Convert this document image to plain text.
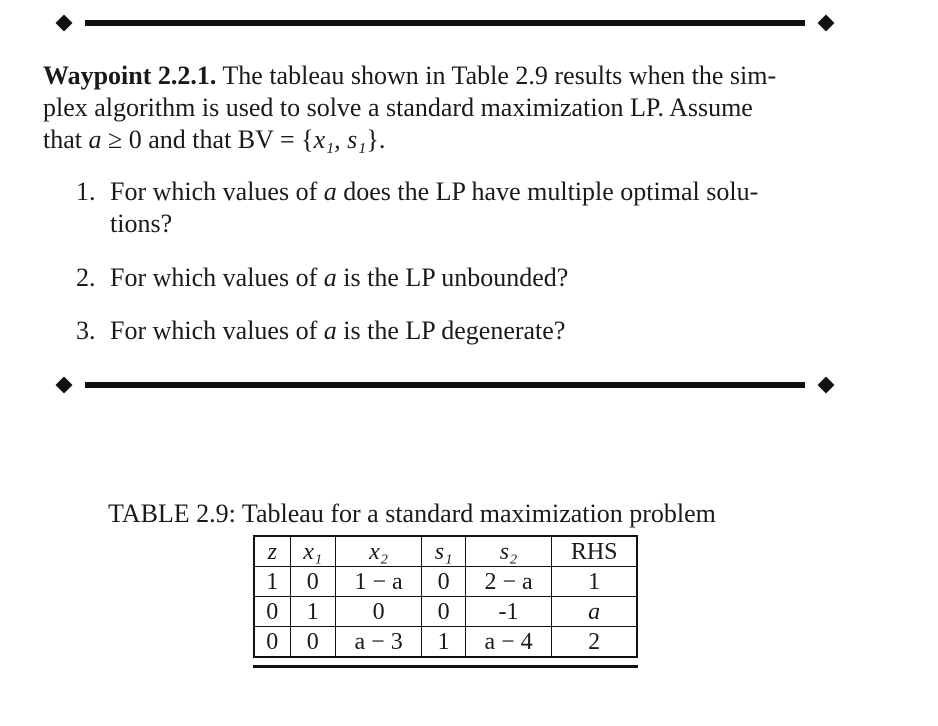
Waypoint 2.2.1. The tableau shown in Table 2.9 results when the sim-
plex algorithm is used to solve a standard maximization LP. Assume
that a ≥ 0 and that BV = {x₁, s₁}.
1. For which values of a does the LP have multiple optimal solu-
tions?
2. For which values of a is the LP unbounded?
3. For which values of a is the LP degenerate?
TABLE 2.9: Tableau for a standard maximization problem
z	x₁	x₂	s₁	s₂	RHS
1	0	1 − a	0	2 − a	1
0	1	0	0	-1	a
0	0	a − 3	1	a − 4	2
